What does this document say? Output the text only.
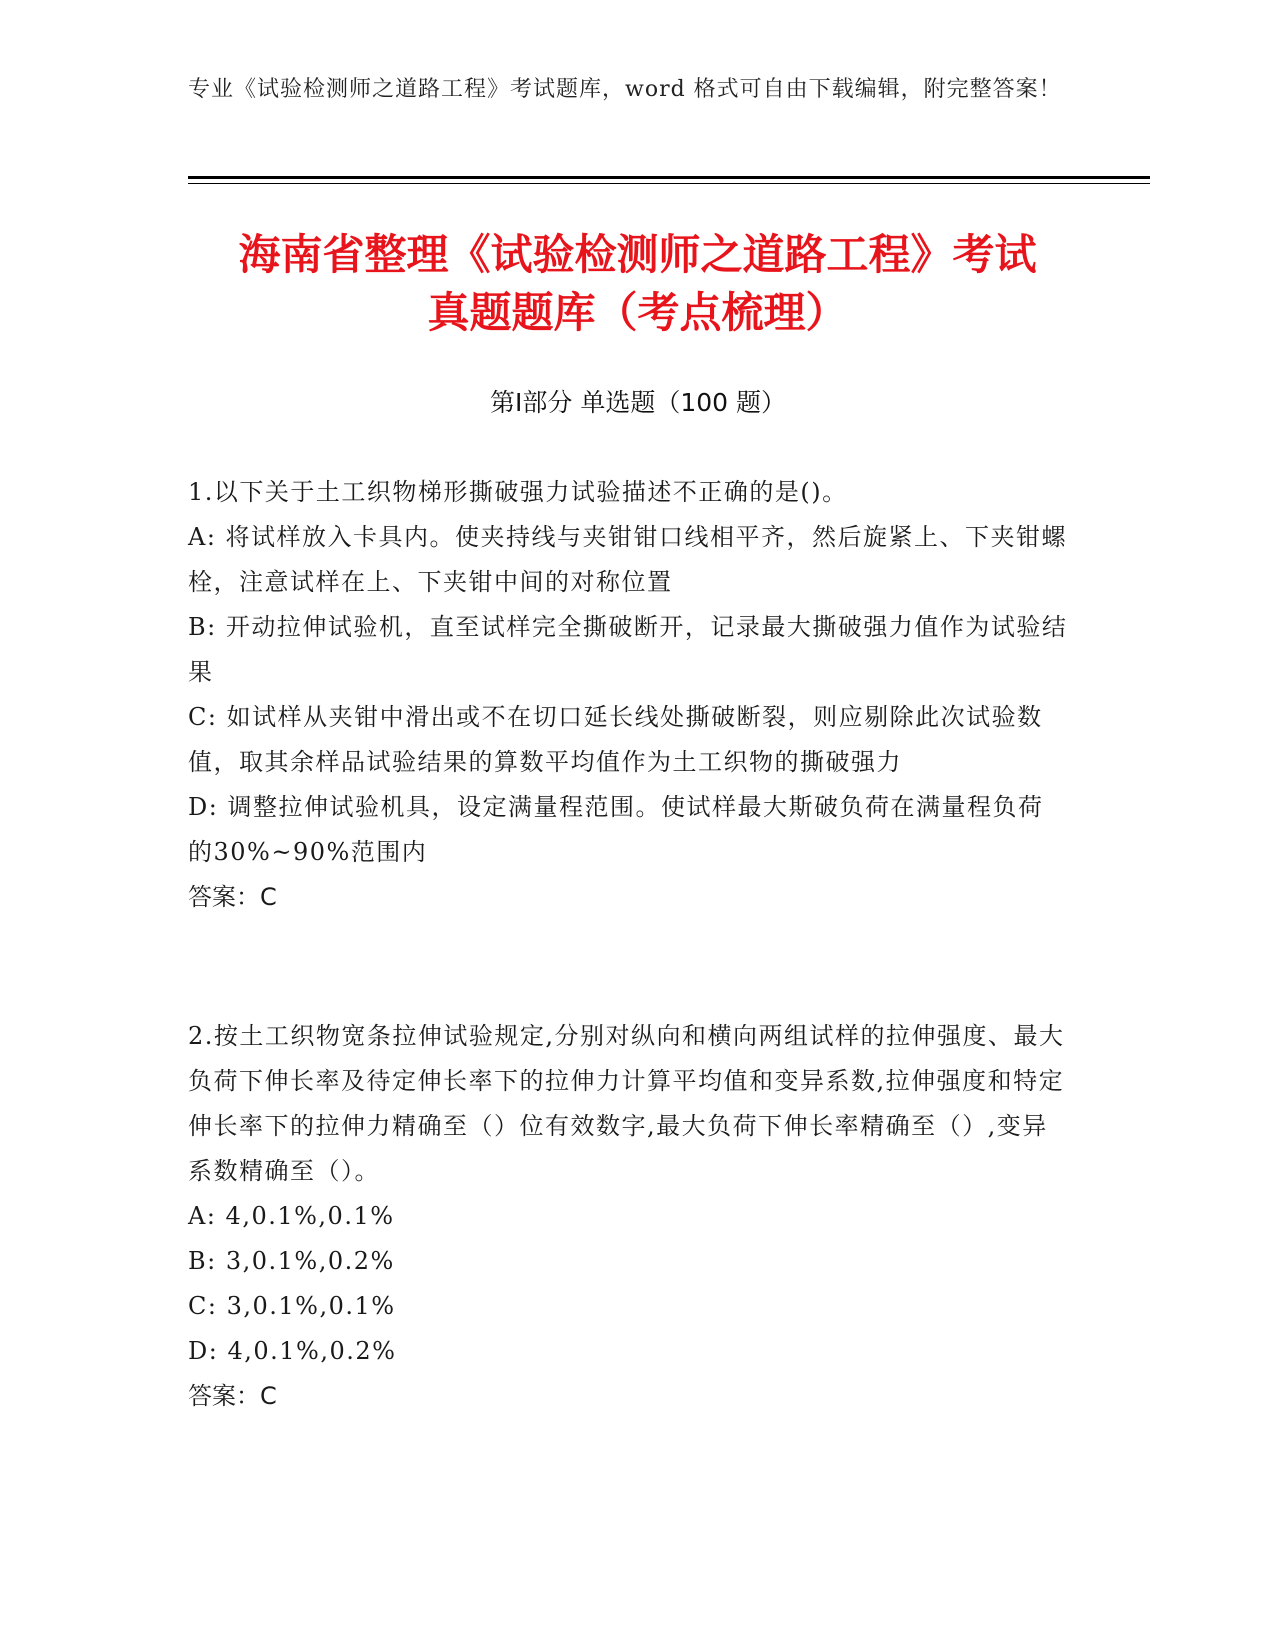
专业《试验检测师之道路工程》考试题库，word 格式可自由下载编辑，附完整答案！
海南省整理《试验检测师之道路工程》考试
真题题库（考点梳理）
第Ⅰ部分 单选题（100 题）
1.以下关于土工织物梯形撕破强力试验描述不正确的是()。
A: 将试样放入卡具内。使夹持线与夹钳钳口线相平齐，然后旋紧上、下夹钳螺栓，注意试样在上、下夹钳中间的对称位置
B: 开动拉伸试验机，直至试样完全撕破断开，记录最大撕破强力值作为试验结果
C: 如试样从夹钳中滑出或不在切口延长线处撕破断裂，则应剔除此次试验数值，取其余样品试验结果的算数平均值作为土工织物的撕破强力
D: 调整拉伸试验机具，设定满量程范围。使试样最大斯破负荷在满量程负荷的30%~90%范围内
答案：C
2.按土工织物宽条拉伸试验规定,分别对纵向和横向两组试样的拉伸强度、最大负荷下伸长率及待定伸长率下的拉伸力计算平均值和变异系数,拉伸强度和特定伸长率下的拉伸力精确至（）位有效数字,最大负荷下伸长率精确至（）,变异系数精确至（）。
A: 4,0.1%,0.1%
B: 3,0.1%,0.2%
C: 3,0.1%,0.1%
D: 4,0.1%,0.2%
答案：C
